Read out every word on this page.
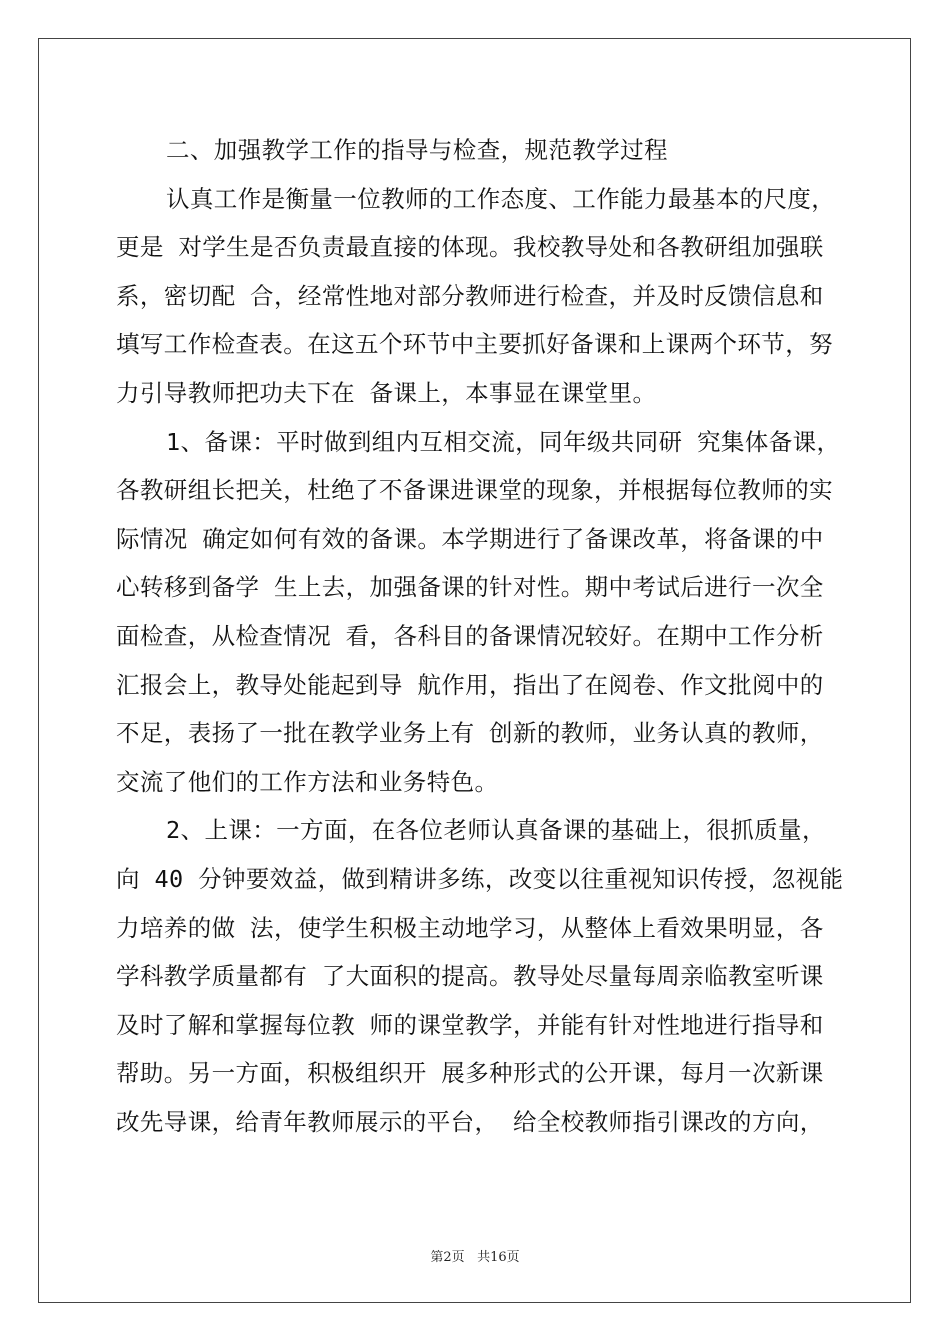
二、加强教学工作的指导与检查，规范教学过程
认真工作是衡量一位教师的工作态度、工作能力最基本的尺度，
更是 对学生是否负责最直接的体现。我校教导处和各教研组加强联
系，密切配 合，经常性地对部分教师进行检查，并及时反馈信息和
填写工作检查表。在这五个环节中主要抓好备课和上课两个环节，努
力引导教师把功夫下在 备课上，本事显在课堂里。
1、备课：平时做到组内互相交流，同年级共同研 究集体备课，
各教研组长把关，杜绝了不备课进课堂的现象，并根据每位教师的实
际情况 确定如何有效的备课。本学期进行了备课改革，将备课的中
心转移到备学 生上去，加强备课的针对性。期中考试后进行一次全
面检查，从检查情况 看，各科目的备课情况较好。在期中工作分析
汇报会上，教导处能起到导 航作用，指出了在阅卷、作文批阅中的
不足，表扬了一批在教学业务上有 创新的教师，业务认真的教师，
交流了他们的工作方法和业务特色。
2、上课：一方面，在各位老师认真备课的基础上，很抓质量，
向 40 分钟要效益，做到精讲多练，改变以往重视知识传授，忽视能
力培养的做 法，使学生积极主动地学习，从整体上看效果明显，各
学科教学质量都有 了大面积的提高。教导处尽量每周亲临教室听课
及时了解和掌握每位教 师的课堂教学，并能有针对性地进行指导和
帮助。另一方面，积极组织开 展多种形式的公开课，每月一次新课
改先导课，给青年教师展示的平台， 给全校教师指引课改的方向，
第2页 共16页
